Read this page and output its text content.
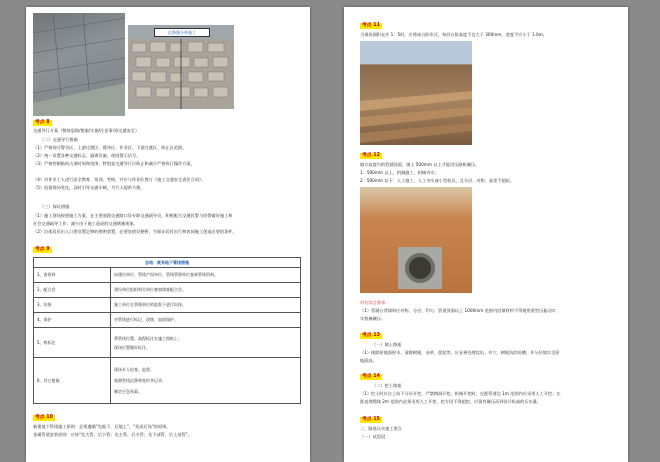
沉降缝分带施工
考点 8
交通导行方案（整体思路/措施/实施/注意事项/交通安全）
（二）交通导行措施
（1）严格划分警告区、上游过渡区、缓冲区、作业区、下游过渡区、终止区范围。
（2）统一设置各种交通标志、隔离设施、夜间警示信号。
（3）严格控制临时占道时间和范围，特别是交通导行应防止和减少严格执行操作方案。
（4）对作业工人进行安全教育、培训、考核，并应与作业队签订《施工交通安全责任合同》。
（5）依据现场变化，及时引导交通车辆，为行人提供方便。
（三）保证措施
（1）施工现场按照施工方案，在主要道路交通路口设专职交通疏导员，积极配合交通民警与协警做好施工和
社会交通疏导工作；减少由于施工造成的交通堵塞现象。
（2）沿街居民出入口要设置足够的照明装置，必要处搭设便桥，为保证居民出行和夜间施工创造必要的条件。
考点 9
总结：既有地下管线措施	
1、查资料	向建设单位、管线产权单位、管线管理单位查询管线资料。
2、配合会	建设单位组织相关单位参加调查配合会。
3、坑探	施工单位在管理单位的监督下进行坑探。
4、保护	对管线进行标记、改移、加固保护。
5、两标注	将管线位置，高程标注在施工图纸上；
现场位置做好标注。

6、其它措施	现场专人检查、监督；
观测管线沉降和变形并记录；
制定应急预案。
考点 10
新建地下管线施工原则：必须遵循"先地下，后地上"，"先深后浅"的原则。
金属管道安装原则：应按"先大管、后小管；先主管、后支管；先下部管、后上部管"。
考点 11
当现场面积允许 1：5时，应将成台阶形式，每层台阶高度不宜大于 300mm，宽度不应小于 1.0m。
考点 12
填方高度内的管涵顶面，填土 500mm 以上才能用压路机碾压。
1．500mm 以上，机械施工、机械夯实；
2．500mm 以下：人工施工、人工夯实或小型机具，且分层、对称、高差不超标。
对位综合要求：
（1）管涵台背填料应对称、分层、均匀。管道顶面以上 1000mm 范围内回填材料不得使用重型压振动实
实机械碾压。
考点 13
（一）填土路基
（1）排除原地面积水，清除树根、杂草、淤泥等。应妥善处理坟坑、井穴、树根坑的坑槽，并分层填实至原
地面高。
考点 14
（二）挖土路基
（1）挖土时应自上向下分层开挖，严禁掏洞开挖。机械开挖时，在距管道边 1m 范围内应采用人工开挖；在
距直埋缆线 2m 范围内必须采用人工开挖。挖方段不得超挖，应留有碾压而到设计标高的压实量。
考点 15
二、路基压实施工要点
（一）试验段
